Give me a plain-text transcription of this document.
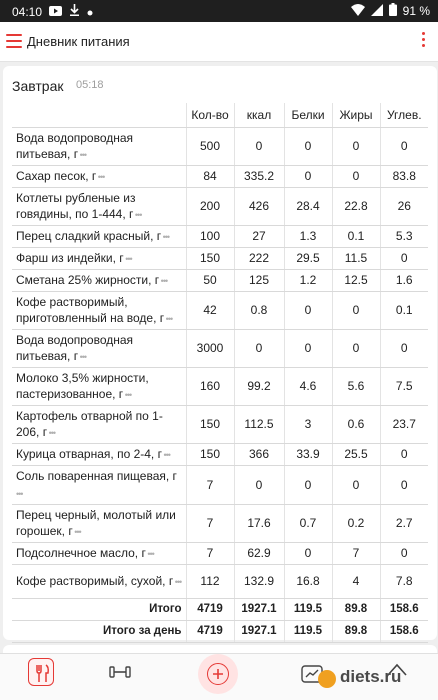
04:10	91 %
Дневник питания
Завтрак 05:18
	Кол-во	ккал	Белки	Жиры	Углев.
Вода водопроводная питьевая, г •••	500	0	0	0	0
Сахар песок, г •••	84	335.2	0	0	83.8
Котлеты рубленые из говядины, по 1-444, г •••	200	426	28.4	22.8	26
Перец сладкий красный, г •••	100	27	1.3	0.1	5.3
Фарш из индейки, г •••	150	222	29.5	11.5	0
Сметана 25% жирности, г •••	50	125	1.2	12.5	1.6
Кофе растворимый, приготовленный на воде, г •••	42	0.8	0	0	0.1
Вода водопроводная питьевая, г •••	3000	0	0	0	0
Молоко 3,5% жирности, пастеризованное, г •••	160	99.2	4.6	5.6	7.5
Картофель отварной по 1-206, г •••	150	112.5	3	0.6	23.7
Курица отварная, по 2-4, г •••	150	366	33.9	25.5	0
Соль поваренная пищевая, г •••	7	0	0	0	0
Перец черный, молотый или горошек, г •••	7	17.6	0.7	0.2	2.7
Подсолнечное масло, г •••	7	62.9	0	7	0
Кофе растворимый, сухой, г •••	112	132.9	16.8	4	7.8
Итого	4719	1927.1	119.5	89.8	158.6
Итого за день	4719	1927.1	119.5	89.8	158.6
diets.ru
